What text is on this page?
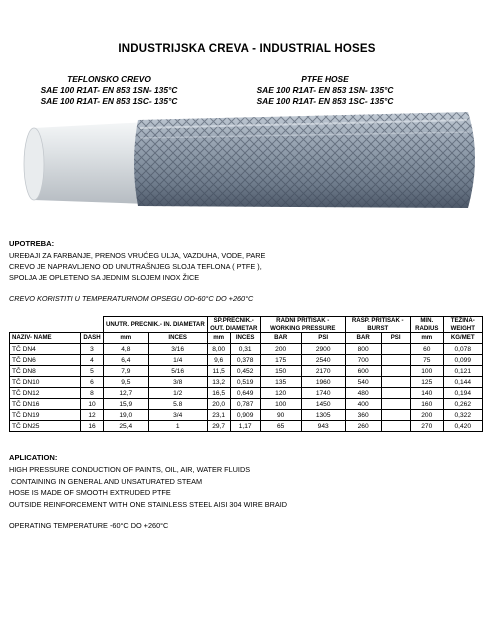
INDUSTRIJSKA CREVA - INDUSTRIAL HOSES
TEFLONSKO CREVO
SAE 100 R1AT- EN 853 1SN- 135°C
SAE 100 R1AT- EN 853 1SC- 135°C
PTFE HOSE
SAE 100 R1AT- EN 853 1SN- 135°C
SAE 100 R1AT- EN 853 1SC- 135°C
UPOTREBA:
UREĐAJI ZA FARBANJE, PRENOS VRUĆEG ULJA, VAZDUHA, VODE, PARE
CREVO JE NAPRAVLJENO OD UNUTRAŠNJEG SLOJA TEFLONA ( PTFE ),
SPOLJA JE OPLETENO SA JEDNIM SLOJEM INOX ŽICE
CREVO KORISTITI U TEMPERATURNOM OPSEGU OD-60°C DO +260°C
		UNUTR. PRECNIK.- IN. DIAMETAR		SP.PRECNIK.- OUT. DIAMETAR		RADNI PRITISAK - WORKING PRESSURE		RASP. PRITISAK - BURST		MIN. RADIUS	TEŽINA- WEIGHT
NAZIV- NAME	DASH	mm	INCES	mm	INCES	BAR	PSI	BAR	PSI	mm	KG/MET
TČ DN4	3	4,8	3/16	8,00	0,31	200	2900	800		60	0,078
TČ DN6	4	6,4	1/4	9,6	0,378	175	2540	700		75	0,099
TČ DN8	5	7,9	5/16	11,5	0,452	150	2170	600		100	0,121
TČ DN10	6	9,5	3/8	13,2	0,519	135	1960	540		125	0,144
TČ DN12	8	12,7	1/2	16,5	0,649	120	1740	480		140	0,194
TČ DN16	10	15,9	5.8	20,0	0,787	100	1450	400		160	0,262
TČ DN19	12	19,0	3/4	23,1	0,909	90	1305	360		200	0,322
TČ DN25	16	25,4	1	29,7	1,17	65	943	260		270	0,420
APLICATION:
HIGH PRESSURE CONDUCTION OF PAINTS, OIL, AIR, WATER FLUIDS
CONTAINING IN GENERAL AND UNSATURATED STEAM
HOSE IS MADE OF SMOOTH EXTRUDED PTFE
OUTSIDE REINFORCEMENT WITH ONE STAINLESS STEEL AISI 304 WIRE BRAID
OPERATING TEMPERATURE -60°C DO +260°C
